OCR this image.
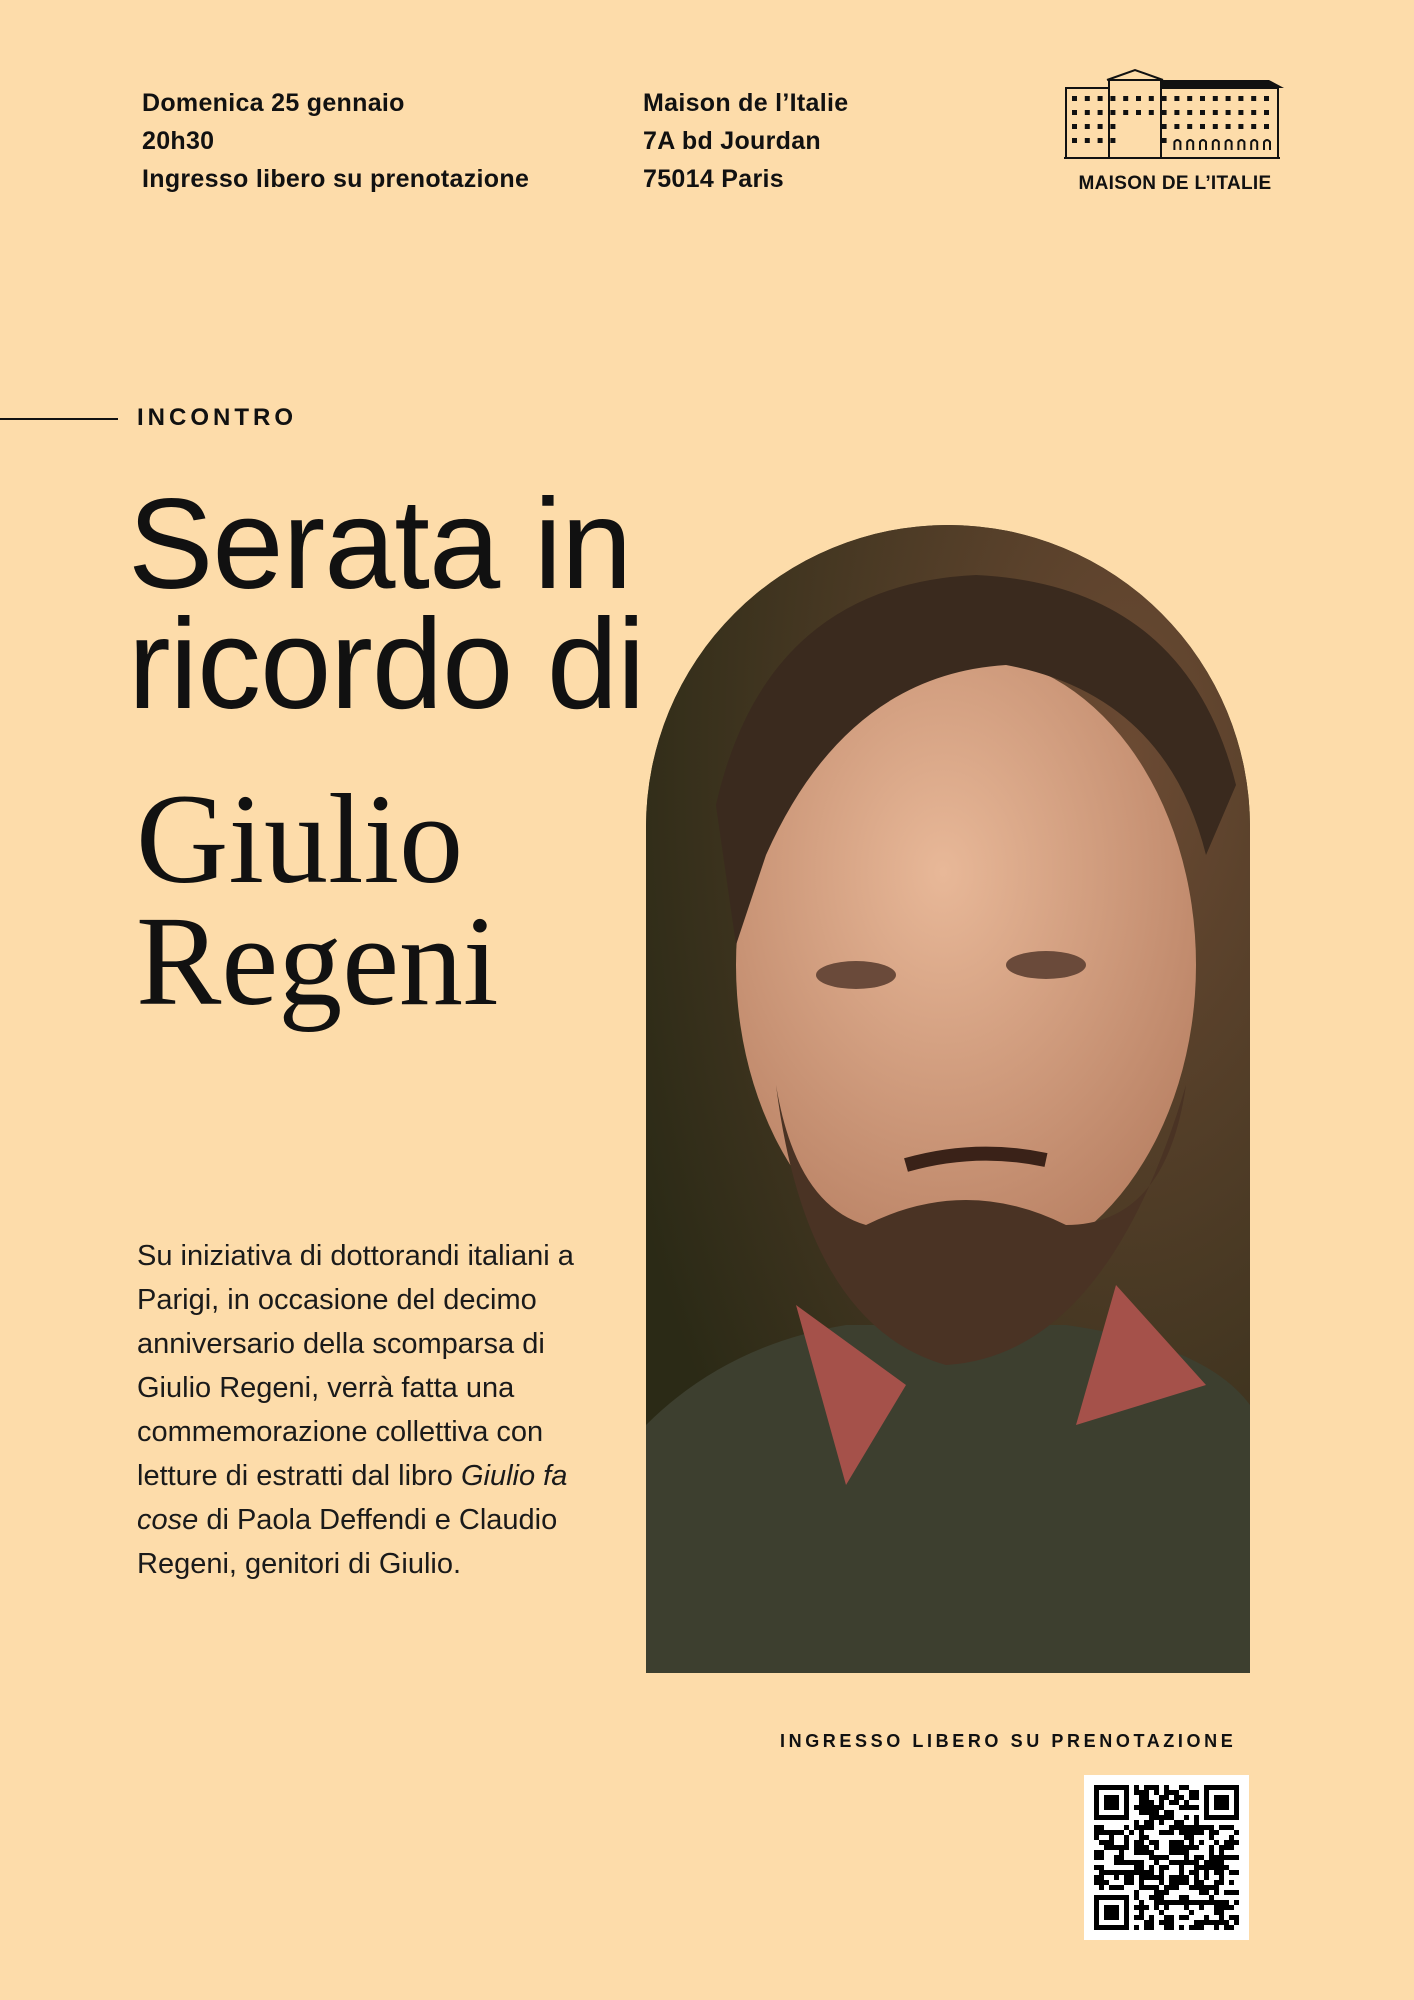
Domenica 25 gennaio
20h30
Ingresso libero su prenotazione
Maison de l’Italie
7A bd Jourdan
75014 Paris	MAISON DE L’ITALIE
INCONTRO
Serata in
ricordo di
Giulio
Regeni
Su iniziativa di dottorandi italiani a Parigi, in occasione del decimo anniversario della scomparsa di Giulio Regeni, verrà fatta una commemorazione collettiva con letture di estratti dal libro Giulio fa cose di Paola Deffendi e Claudio Regeni, genitori di Giulio.
INGRESSO LIBERO SU PRENOTAZIONE
